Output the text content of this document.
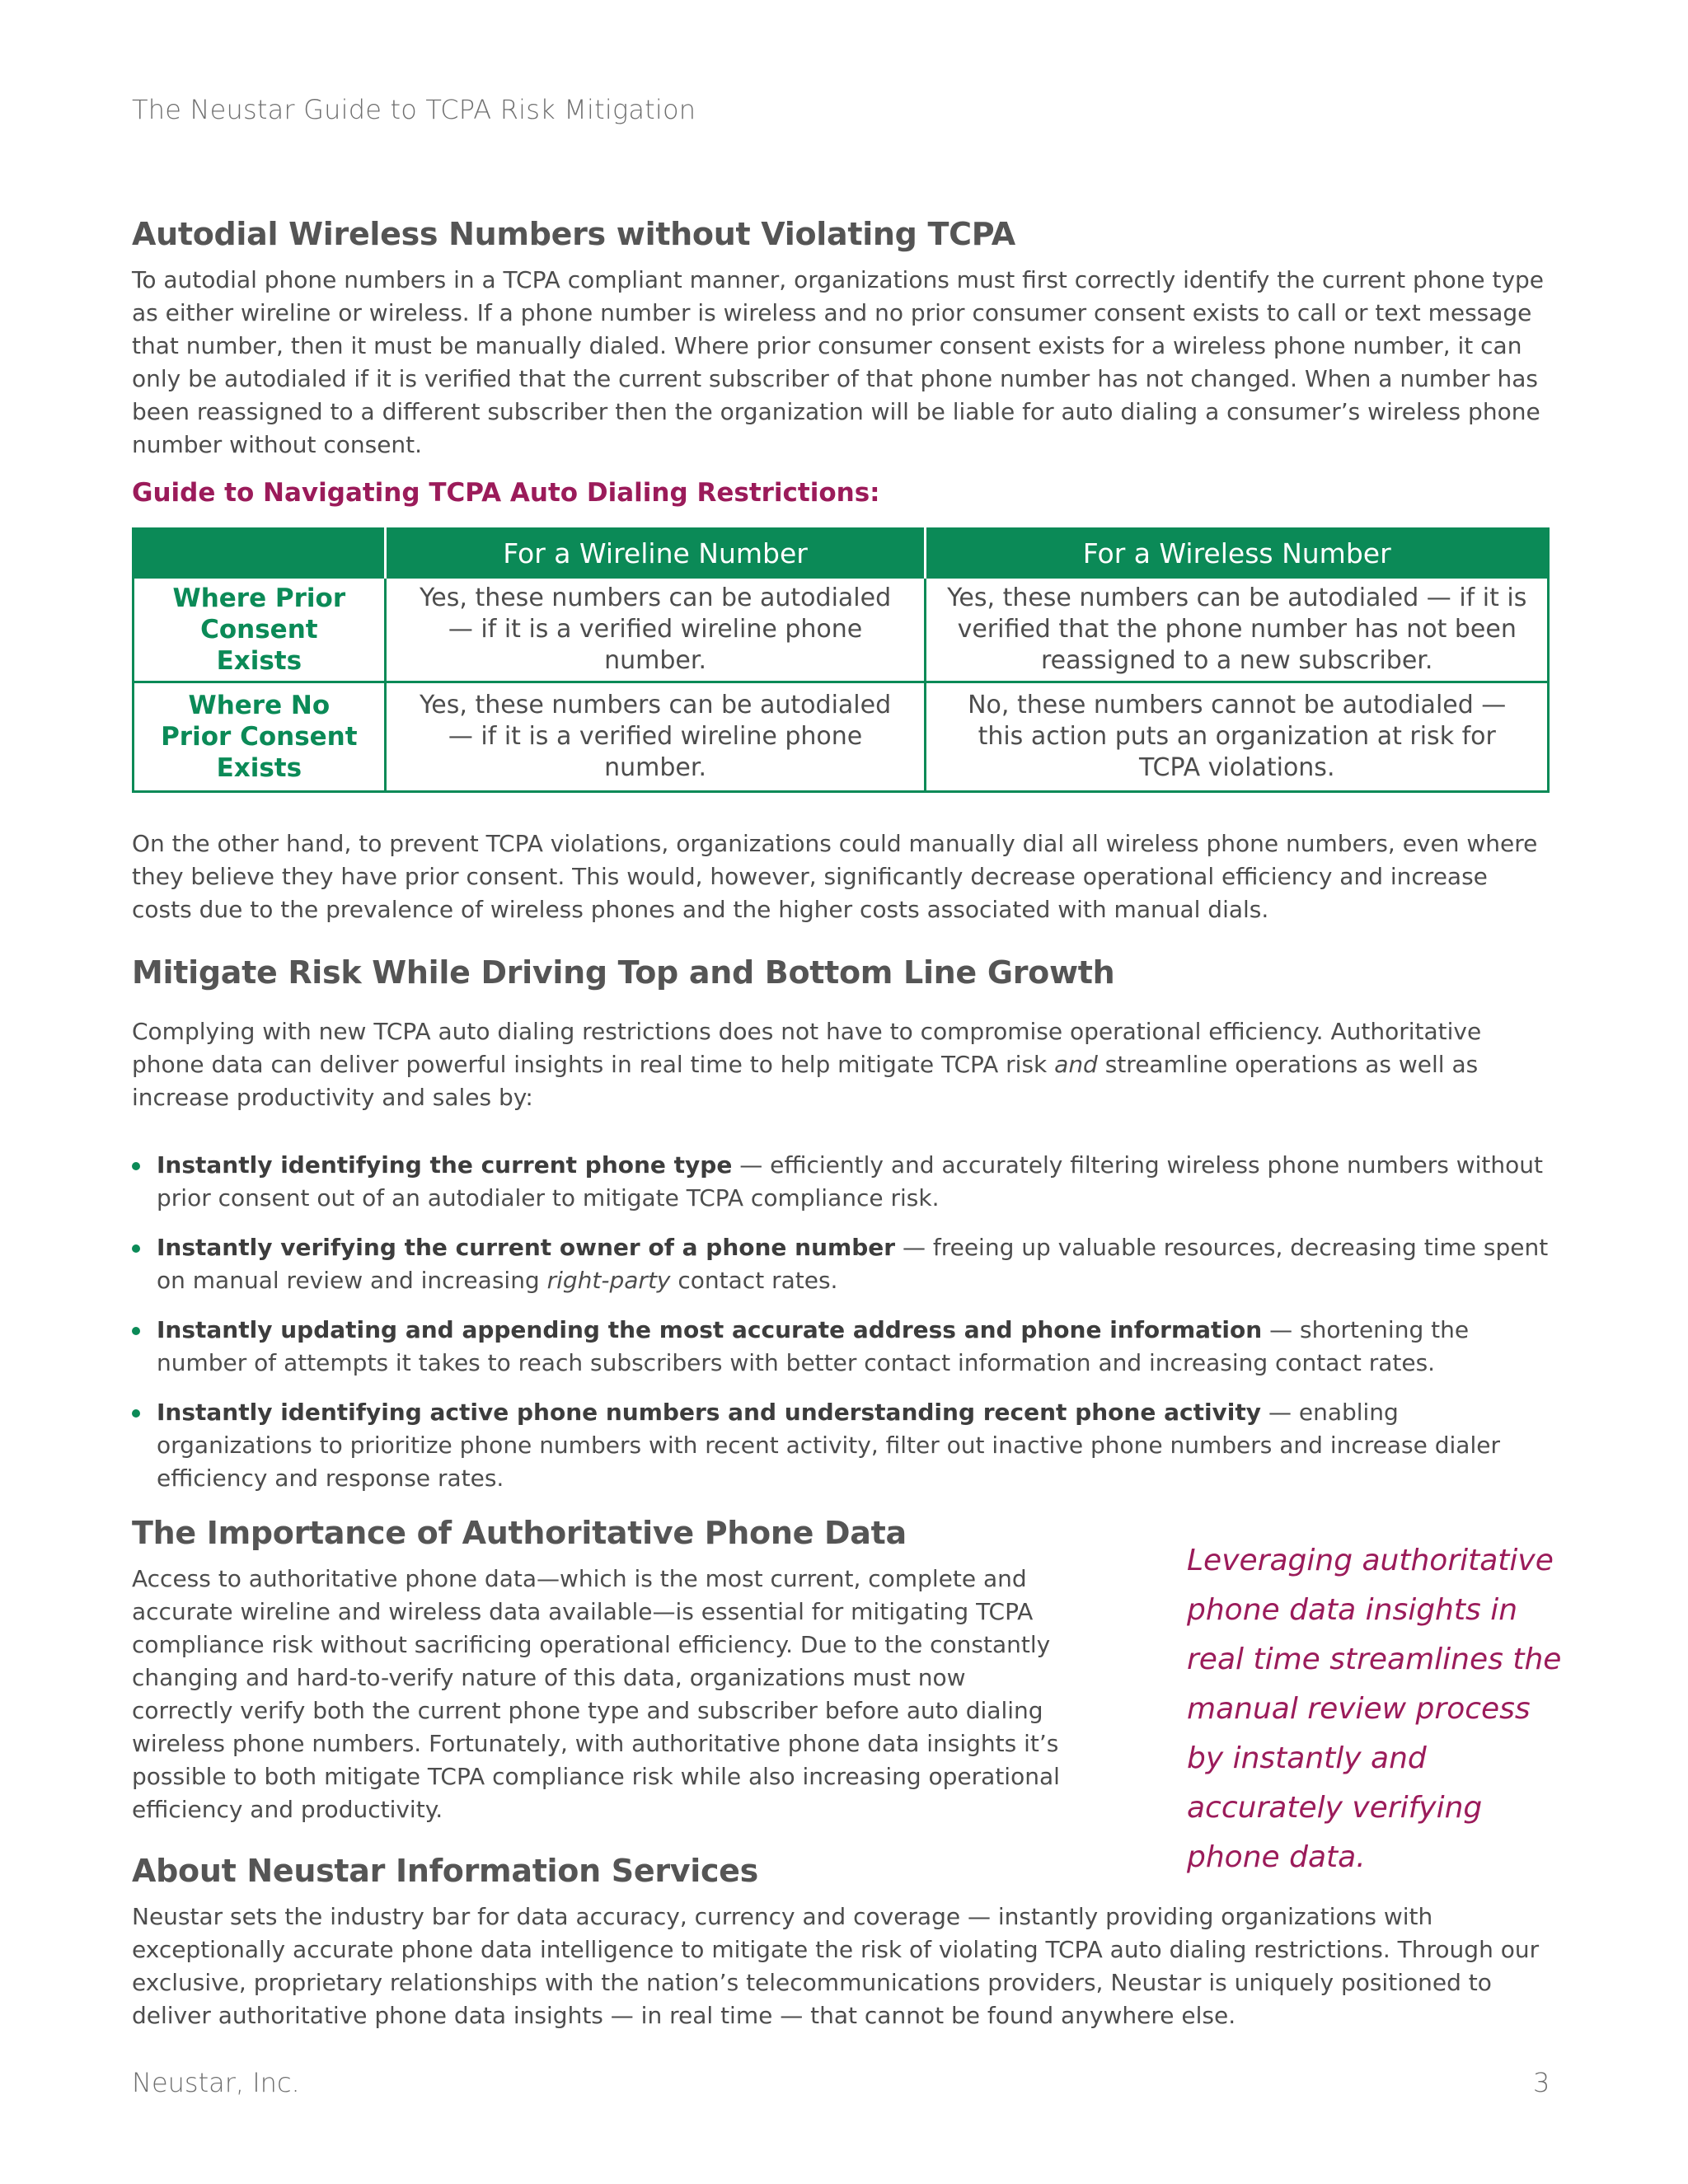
The Neustar Guide to TCPA Risk Mitigation
Autodial Wireless Numbers without Violating TCPA

To autodial phone numbers in a TCPA compliant manner, organizations must first correctly identify the current phone type as either wireline or wireless. If a phone number is wireless and no prior consumer consent exists to call or text message that number, then it must be manually dialed. Where prior consumer consent exists for a wireless phone number, it can only be autodialed if it is verified that the current subscriber of that phone number has not changed. When a number has been reassigned to a different subscriber then the organization will be liable for auto dialing a consumer’s wireless phone number without consent.

Guide to Navigating TCPA Auto Dialing Restrictions:
	For a Wireline Number	For a Wireless Number
Where Prior Consent Exists	Yes, these numbers can be autodialed — if it is a verified wireline phone number.	Yes, these numbers can be autodialed — if it is verified that the phone number has not been reassigned to a new subscriber.
Where No Prior Consent Exists	Yes, these numbers can be autodialed — if it is a verified wireline phone number.	No, these numbers cannot be autodialed — this action puts an organization at risk for TCPA violations.

On the other hand, to prevent TCPA violations, organizations could manually dial all wireless phone numbers, even where they believe they have prior consent. This would, however, significantly decrease operational efficiency and increase costs due to the prevalence of wireless phones and the higher costs associated with manual dials.

Mitigate Risk While Driving Top and Bottom Line Growth

Complying with new TCPA auto dialing restrictions does not have to compromise operational efficiency. Authoritative phone data can deliver powerful insights in real time to help mitigate TCPA risk and streamline operations as well as increase productivity and sales by:

Instantly identifying the current phone type — efficiently and accurately filtering wireless phone numbers without prior consent out of an autodialer to mitigate TCPA compliance risk.
Instantly verifying the current owner of a phone number — freeing up valuable resources, decreasing time spent on manual review and increasing right-party contact rates.
Instantly updating and appending the most accurate address and phone information — shortening the number of attempts it takes to reach subscribers with better contact information and increasing contact rates.
Instantly identifying active phone numbers and understanding recent phone activity — enabling organizations to prioritize phone numbers with recent activity, filter out inactive phone numbers and increase dialer efficiency and response rates.
The Importance of Authoritative Phone Data

Access to authoritative phone data—which is the most current, complete and accurate wireline and wireless data available—is essential for mitigating TCPA compliance risk without sacrificing operational efficiency. Due to the constantly changing and hard-to-verify nature of this data, organizations must now correctly verify both the current phone type and subscriber before auto dialing wireless phone numbers. Fortunately, with authoritative phone data insights it’s possible to both mitigate TCPA compliance risk while also increasing operational efficiency and productivity.

Leveraging authoritative phone data insights in real time streamlines the manual review process by instantly and accurately verifying phone data.
About Neustar Information Services

Neustar sets the industry bar for data accuracy, currency and coverage — instantly providing organizations with exceptionally accurate phone data intelligence to mitigate the risk of violating TCPA auto dialing restrictions. Through our exclusive, proprietary relationships with the nation’s telecommunications providers, Neustar is uniquely positioned to deliver authoritative phone data insights — in real time — that cannot be found anywhere else.

Neustar, Inc.	3
